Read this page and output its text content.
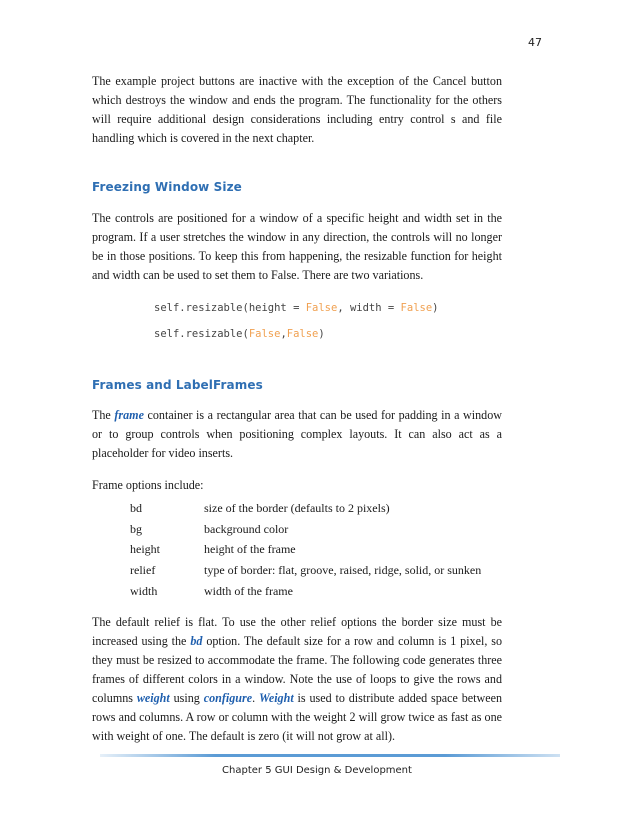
47

The example project buttons are inactive with the exception of the Cancel button which destroys the window and ends the program. The functionality for the others will require additional design considerations including entry control s and file handling which is covered in the next chapter.

Freezing Window Size

The controls are positioned for a window of a specific height and width set in the program. If a user stretches the window in any direction, the controls will no longer be in those positions. To keep this from happening, the resizable function for height and width can be used to set them to False. There are two variations.

self.resizable(height = False, width = False)
self.resizable(False,False)
Frames and LabelFrames

The frame container is a rectangular area that can be used for padding in a window or to group controls when positioning complex layouts. It can also act as a placeholder for video inserts.

Frame options include:

bd	size of the border (defaults to 2 pixels)
bg	background color
height	height of the frame
relief	type of border: flat, groove, raised, ridge, solid, or sunken
width	width of the frame

The default relief is flat. To use the other relief options the border size must be increased using the bd option. The default size for a row and column is 1 pixel, so they must be resized to accommodate the frame. The following code generates three frames of different colors in a window. Note the use of loops to give the rows and columns weight using configure. Weight is used to distribute added space between rows and columns. A row or column with the weight 2 will grow twice as fast as one with weight of one. The default is zero (it will not grow at all).

Chapter 5 GUI Design & Development
